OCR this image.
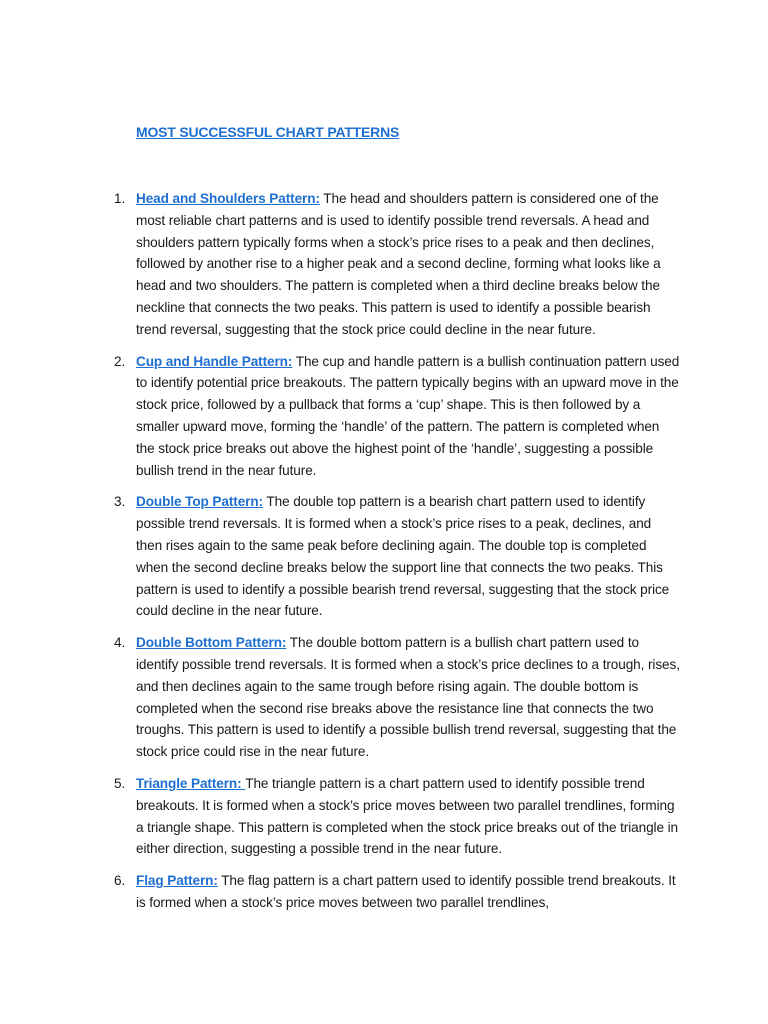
MOST SUCCESSFUL CHART PATTERNS
1. Head and Shoulders Pattern: The head and shoulders pattern is considered one of the most reliable chart patterns and is used to identify possible trend reversals. A head and shoulders pattern typically forms when a stock’s price rises to a peak and then declines, followed by another rise to a higher peak and a second decline, forming what looks like a head and two shoulders. The pattern is completed when a third decline breaks below the neckline that connects the two peaks. This pattern is used to identify a possible bearish trend reversal, suggesting that the stock price could decline in the near future.
2. Cup and Handle Pattern: The cup and handle pattern is a bullish continuation pattern used to identify potential price breakouts. The pattern typically begins with an upward move in the stock price, followed by a pullback that forms a ‘cup’ shape. This is then followed by a smaller upward move, forming the ‘handle’ of the pattern. The pattern is completed when the stock price breaks out above the highest point of the ‘handle’, suggesting a possible bullish trend in the near future.
3. Double Top Pattern: The double top pattern is a bearish chart pattern used to identify possible trend reversals. It is formed when a stock’s price rises to a peak, declines, and then rises again to the same peak before declining again. The double top is completed when the second decline breaks below the support line that connects the two peaks. This pattern is used to identify a possible bearish trend reversal, suggesting that the stock price could decline in the near future.
4. Double Bottom Pattern: The double bottom pattern is a bullish chart pattern used to identify possible trend reversals. It is formed when a stock’s price declines to a trough, rises, and then declines again to the same trough before rising again. The double bottom is completed when the second rise breaks above the resistance line that connects the two troughs. This pattern is used to identify a possible bullish trend reversal, suggesting that the stock price could rise in the near future.
5. Triangle Pattern: The triangle pattern is a chart pattern used to identify possible trend breakouts. It is formed when a stock’s price moves between two parallel trendlines, forming a triangle shape. This pattern is completed when the stock price breaks out of the triangle in either direction, suggesting a possible trend in the near future.
6. Flag Pattern: The flag pattern is a chart pattern used to identify possible trend breakouts. It is formed when a stock’s price moves between two parallel trendlines,
